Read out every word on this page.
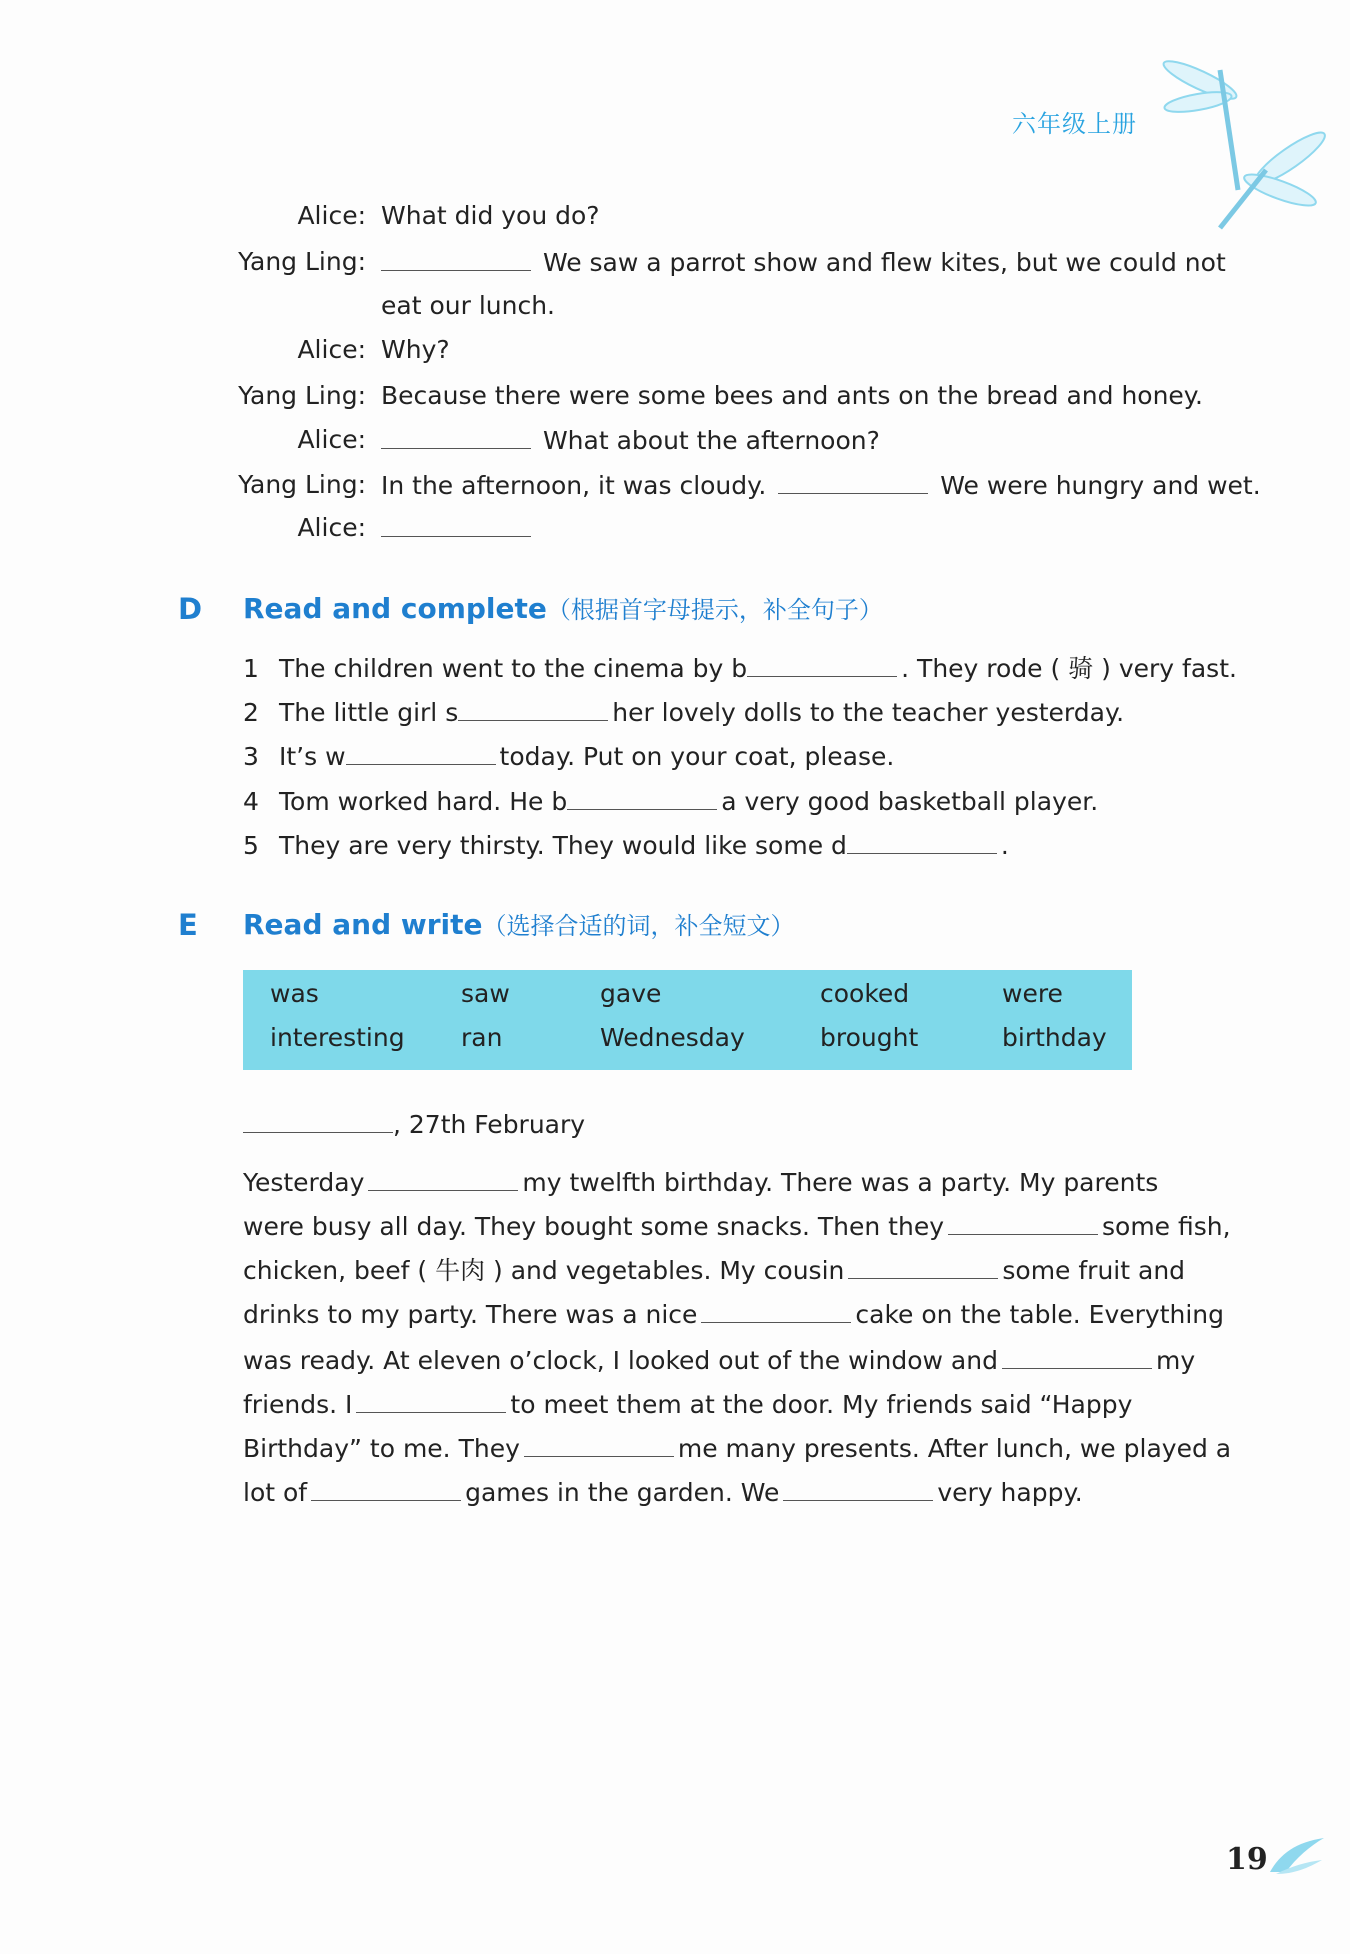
六年级上册
Alice: What did you do?
Yang Ling:	We saw a parrot show and flew kites, but we could not
eat our lunch.
Alice: Why?
Yang Ling: Because there were some bees and ants on the bread and honey.
Alice:	What about the afternoon?
Yang Ling: In the afternoon, it was cloudy.	We were hungry and wet.
Alice:
D Read and complete（根据首字母提示，补全句子）
1 The children went to the cinema by b	. They rode ( 骑 ) very fast.
2 The little girl s	her lovely dolls to the teacher yesterday.
3 It’s w	today. Put on your coat, please.
4 Tom worked hard. He b	a very good basketball player.
5 They are very thirsty. They would like some d	.
E Read and write（选择合适的词，补全短文）
was	saw	gave	cooked	were
interesting ran	Wednesday	brought	birthday
, 27th February
Yesterday	my twelfth birthday. There was a party. My parents
were busy all day. They bought some snacks. Then they	some fish,
chicken, beef ( 牛肉 ) and vegetables. My cousin	some fruit and
drinks to my party. There was a nice	cake on the table. Everything
was ready. At eleven o’clock, I looked out of the window and	my
friends. I	to meet them at the door. My friends said “Happy
Birthday” to me. They	me many presents. After lunch, we played a
lot of	games in the garden. We	very happy.
19
